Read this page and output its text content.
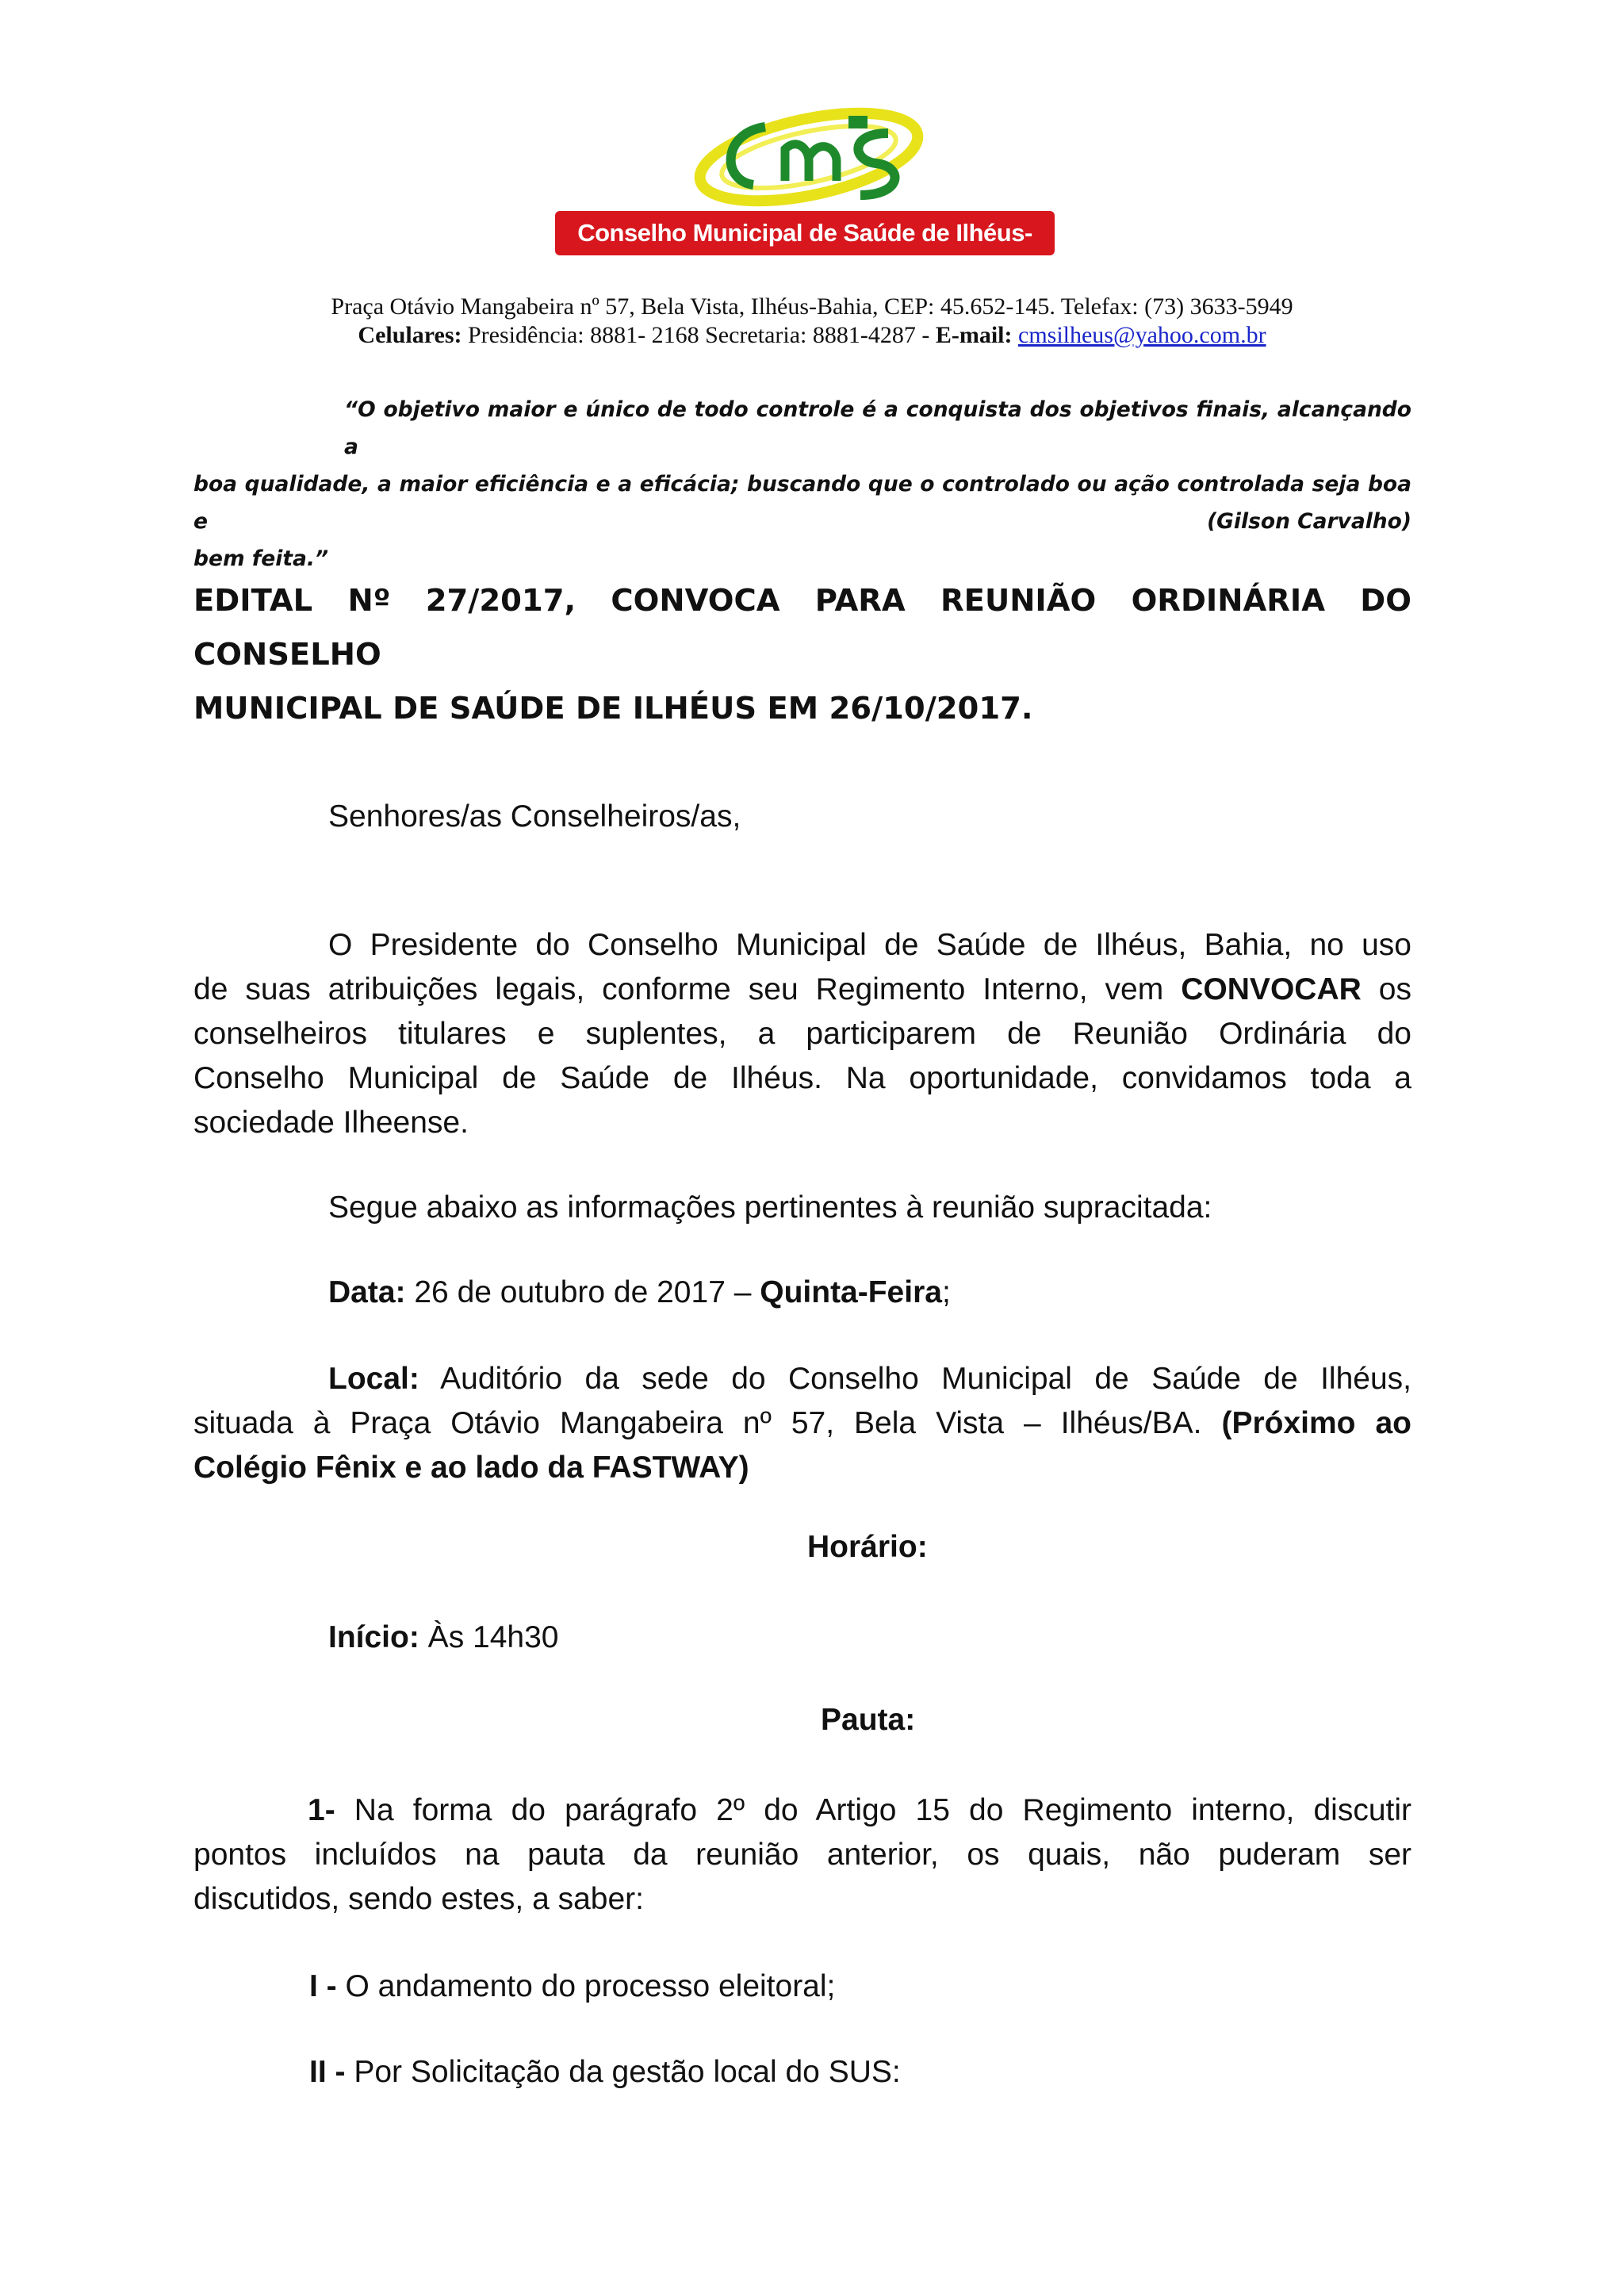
Conselho Municipal de Saúde de Ilhéus-Bahia
Praça Otávio Mangabeira nº 57, Bela Vista, Ilhéus-Bahia, CEP: 45.652-145. Telefax: (73) 3633-5949
Celulares: Presidência: 8881- 2168 Secretaria: 8881-4287 - E-mail: cmsilheus@yahoo.com.br
“O objetivo maior e único de todo controle é a conquista dos objetivos finais, alcançando a
boa qualidade, a maior eficiência e a eficácia; buscando que o controlado ou ação controlada seja boa e
bem feita.”
(Gilson Carvalho)
EDITAL Nº 27/2017, CONVOCA PARA REUNIÃO ORDINÁRIA DO CONSELHO
MUNICIPAL DE SAÚDE DE ILHÉUS EM 26/10/2017.
Senhores/as Conselheiros/as,
O Presidente do Conselho Municipal de Saúde de Ilhéus, Bahia, no uso
de suas atribuições legais, conforme seu Regimento Interno, vem CONVOCAR os
conselheiros titulares e suplentes, a participarem de Reunião Ordinária do
Conselho Municipal de Saúde de Ilhéus. Na oportunidade, convidamos toda a
sociedade Ilheense.
Segue abaixo as informações pertinentes à reunião supracitada:
Data: 26 de outubro de 2017 – Quinta-Feira;
Local: Auditório da sede do Conselho Municipal de Saúde de Ilhéus,
situada à Praça Otávio Mangabeira nº 57, Bela Vista – Ilhéus/BA. (Próximo ao
Colégio Fênix e ao lado da FASTWAY)
Horário:
Início: Às 14h30
Pauta:
1- Na forma do parágrafo 2º do Artigo 15 do Regimento interno, discutir
pontos incluídos na pauta da reunião anterior, os quais, não puderam ser
discutidos, sendo estes, a saber:
I - O andamento do processo eleitoral;
II - Por Solicitação da gestão local do SUS:
